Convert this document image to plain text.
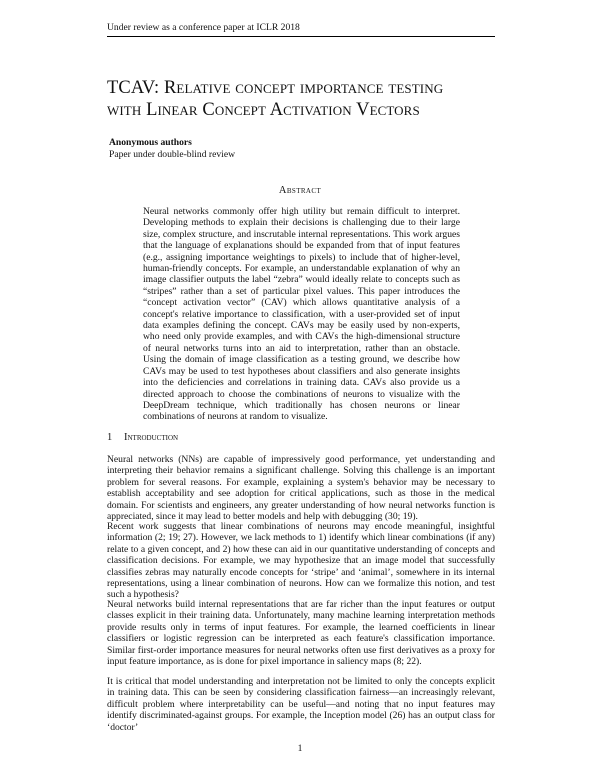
Under review as a conference paper at ICLR 2018
TCAV: Relative concept importance testing
with Linear Concept Activation Vectors
Anonymous authors
Paper under double-blind review
Abstract
Neural networks commonly offer high utility but remain difficult to interpret. Developing methods to explain their decisions is challenging due to their large size, complex structure, and inscrutable internal representations. This work argues that the language of explanations should be expanded from that of input features (e.g., assigning importance weightings to pixels) to include that of higher-level, human-friendly concepts. For example, an understandable explanation of why an image classifier outputs the label “zebra” would ideally relate to concepts such as “stripes” rather than a set of particular pixel values. This paper introduces the “concept activation vector” (CAV) which allows quantitative analysis of a concept's relative importance to classification, with a user-provided set of input data examples defining the concept. CAVs may be easily used by non-experts, who need only provide examples, and with CAVs the high-dimensional structure of neural networks turns into an aid to interpretation, rather than an obstacle. Using the domain of image classification as a testing ground, we describe how CAVs may be used to test hypotheses about classifiers and also generate insights into the deficiencies and correlations in training data. CAVs also provide us a directed approach to choose the combinations of neurons to visualize with the DeepDream technique, which traditionally has chosen neurons or linear combinations of neurons at random to visualize.
1 Introduction
Neural networks (NNs) are capable of impressively good performance, yet understanding and interpreting their behavior remains a significant challenge. Solving this challenge is an important problem for several reasons. For example, explaining a system's behavior may be necessary to establish acceptability and see adoption for critical applications, such as those in the medical domain. For scientists and engineers, any greater understanding of how neural networks function is appreciated, since it may lead to better models and help with debugging (30; 19).
Recent work suggests that linear combinations of neurons may encode meaningful, insightful information (2; 19; 27). However, we lack methods to 1) identify which linear combinations (if any) relate to a given concept, and 2) how these can aid in our quantitative understanding of concepts and classification decisions. For example, we may hypothesize that an image model that successfully classifies zebras may naturally encode concepts for ‘stripe’ and ‘animal’, somewhere in its internal representations, using a linear combination of neurons. How can we formalize this notion, and test such a hypothesis?
Neural networks build internal representations that are far richer than the input features or output classes explicit in their training data. Unfortunately, many machine learning interpretation methods provide results only in terms of input features. For example, the learned coefficients in linear classifiers or logistic regression can be interpreted as each feature's classification importance. Similar first-order importance measures for neural networks often use first derivatives as a proxy for input feature importance, as is done for pixel importance in saliency maps (8; 22).
It is critical that model understanding and interpretation not be limited to only the concepts explicit in training data. This can be seen by considering classification fairness—an increasingly relevant, difficult problem where interpretability can be useful—and noting that no input features may identify discriminated-against groups. For example, the Inception model (26) has an output class for ‘doctor’
1
